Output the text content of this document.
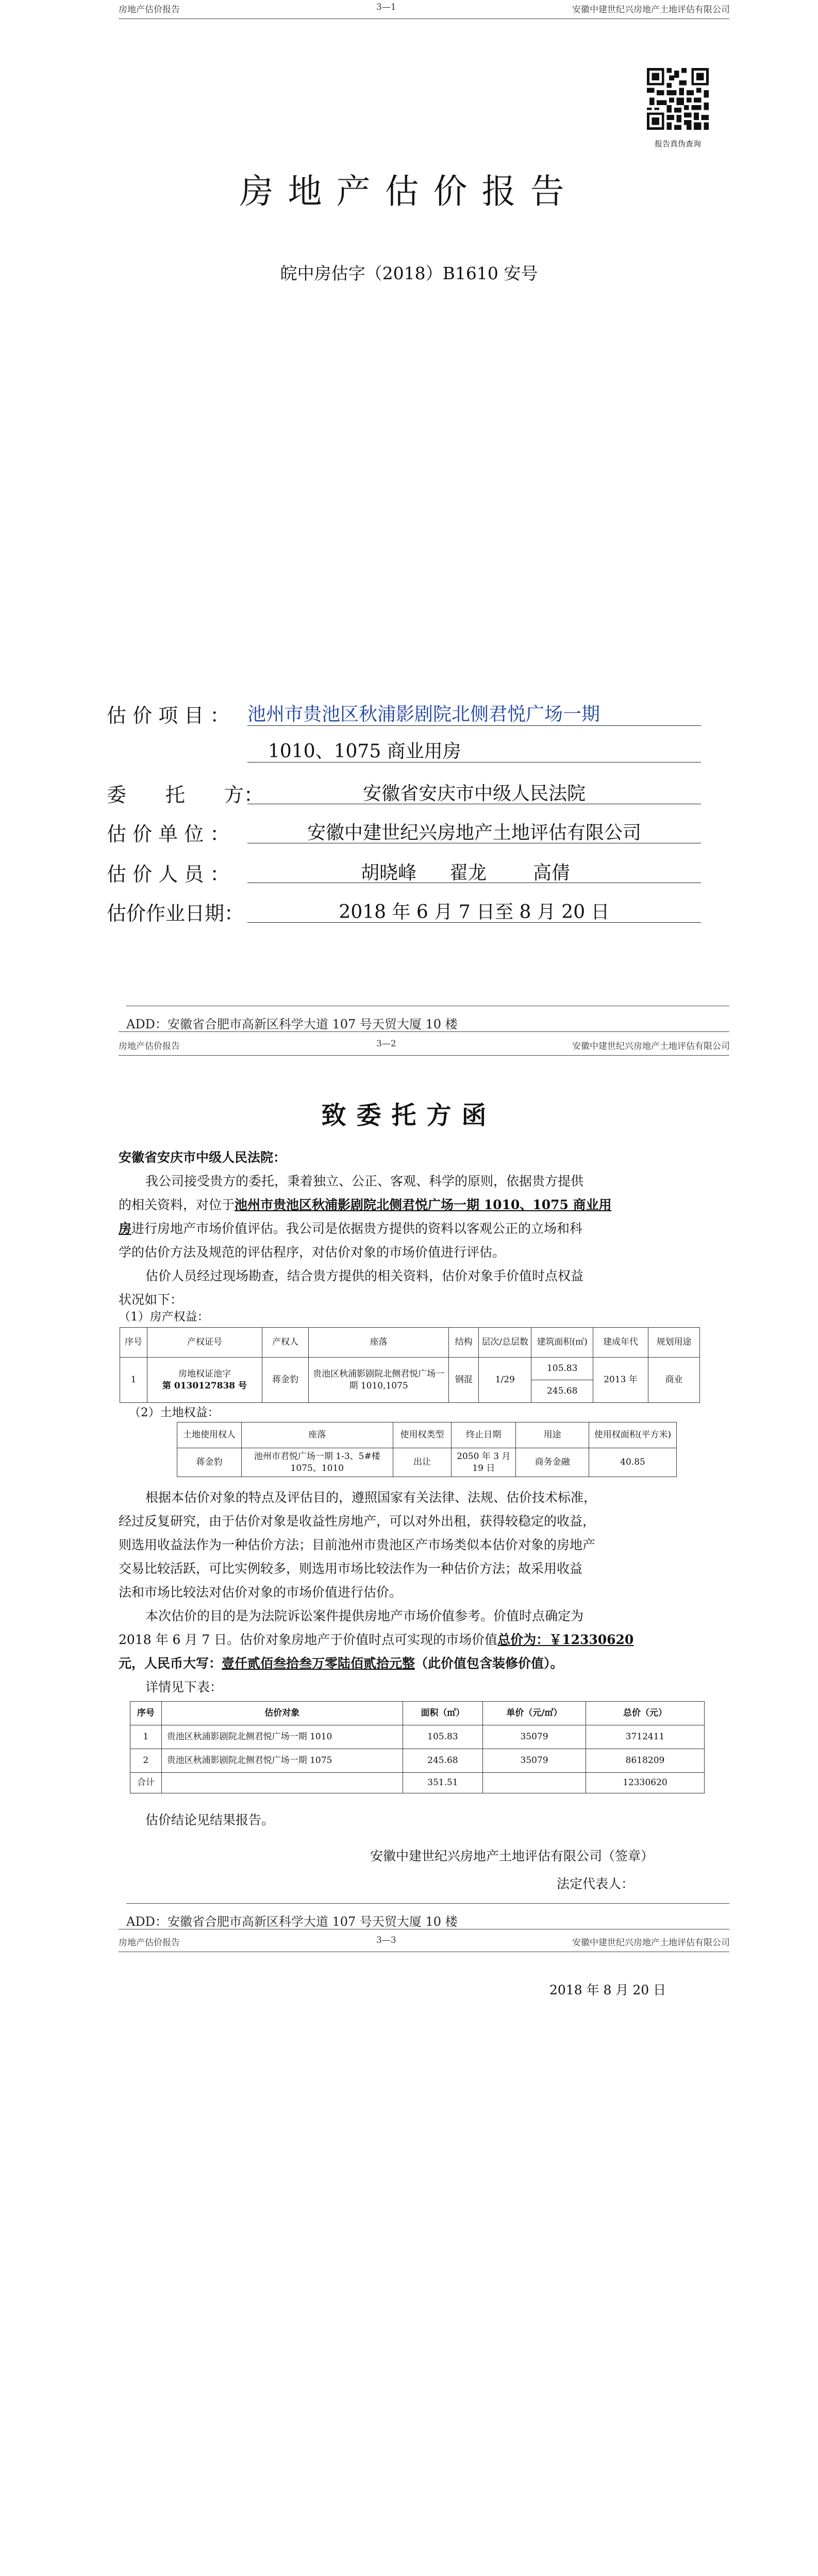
房地产估价报告	3—1	安徽中建世纪兴房地产土地评估有限公司
报告真伪查询
房地产估价报告
皖中房估字（2018）B1610 安号
估 价 项 目 ： 池州市贵池区秋浦影剧院北侧君悦广场一期
1010、1075 商业用房
委　　托　　方：	安徽省安庆市中级人民法院
估 价 单 位 ：	安徽中建世纪兴房地产土地评估有限公司
估 价 人 员 ：	胡晓峰 翟龙 高倩
估价作业日期：	2018 年 6 月 7 日至 8 月 20 日
ADD：安徽省合肥市高新区科学大道 107 号天贸大厦 10 楼
房地产估价报告	3—2	安徽中建世纪兴房地产土地评估有限公司
致委托方函
安徽省安庆市中级人民法院：
我公司接受贵方的委托，秉着独立、公正、客观、科学的原则，依据贵方提供
的相关资料，对位于池州市贵池区秋浦影剧院北侧君悦广场一期 1010、1075 商业用
房进行房地产市场价值评估。我公司是依据贵方提供的资料以客观公正的立场和科
学的估价方法及规范的评估程序，对估价对象的市场价值进行评估。
估价人员经过现场勘查，结合贵方提供的相关资料，估价对象手价值时点权益
状况如下：
（1）房产权益：
序号	产权证号	产权人	座落	结构	层次/总层数	建筑面积(㎡)	建成年代	规划用途
1	房地权证池字
第 0130127838 号	蒋金豹	贵池区秋浦影剧院北侧君悦广场一期 1010,1075	钢混	1/29	105.83	2013 年	商业
						245.68		
（2）土地权益：
土地使用权人	座落	使用权类型	终止日期	用途	使用权面积(平方米)
蒋金豹	池州市君悦广场一期 1-3、5#楼 1075、1010	出让	2050 年 3 月 19 日	商务金融	40.85
根据本估价对象的特点及评估目的，遵照国家有关法律、法规、估价技术标准，
经过反复研究，由于估价对象是收益性房地产，可以对外出租，获得较稳定的收益，
则选用收益法作为一种估价方法；目前池州市贵池区产市场类似本估价对象的房地产
交易比较活跃，可比实例较多，则选用市场比较法作为一种估价方法；故采用收益
法和市场比较法对估价对象的市场价值进行估价。
本次估价的目的是为法院诉讼案件提供房地产市场价值参考。价值时点确定为
2018 年 6 月 7 日。估价对象房地产于价值时点可实现的市场价值总价为：￥12330620
元，人民币大写：壹仟贰佰叁拾叁万零陆佰贰拾元整（此价值包含装修价值）。
详情见下表：
序号	估价对象	面积（㎡）	单价（元/㎡）	总价（元）
1	贵池区秋浦影剧院北侧君悦广场一期 1010	105.83	35079	3712411
2	贵池区秋浦影剧院北侧君悦广场一期 1075	245.68	35079	8618209
合计		351.51		12330620
估价结论见结果报告。
安徽中建世纪兴房地产土地评估有限公司（签章）
法定代表人：
ADD：安徽省合肥市高新区科学大道 107 号天贸大厦 10 楼
房地产估价报告	3—3	安徽中建世纪兴房地产土地评估有限公司
2018 年 8 月 20 日
